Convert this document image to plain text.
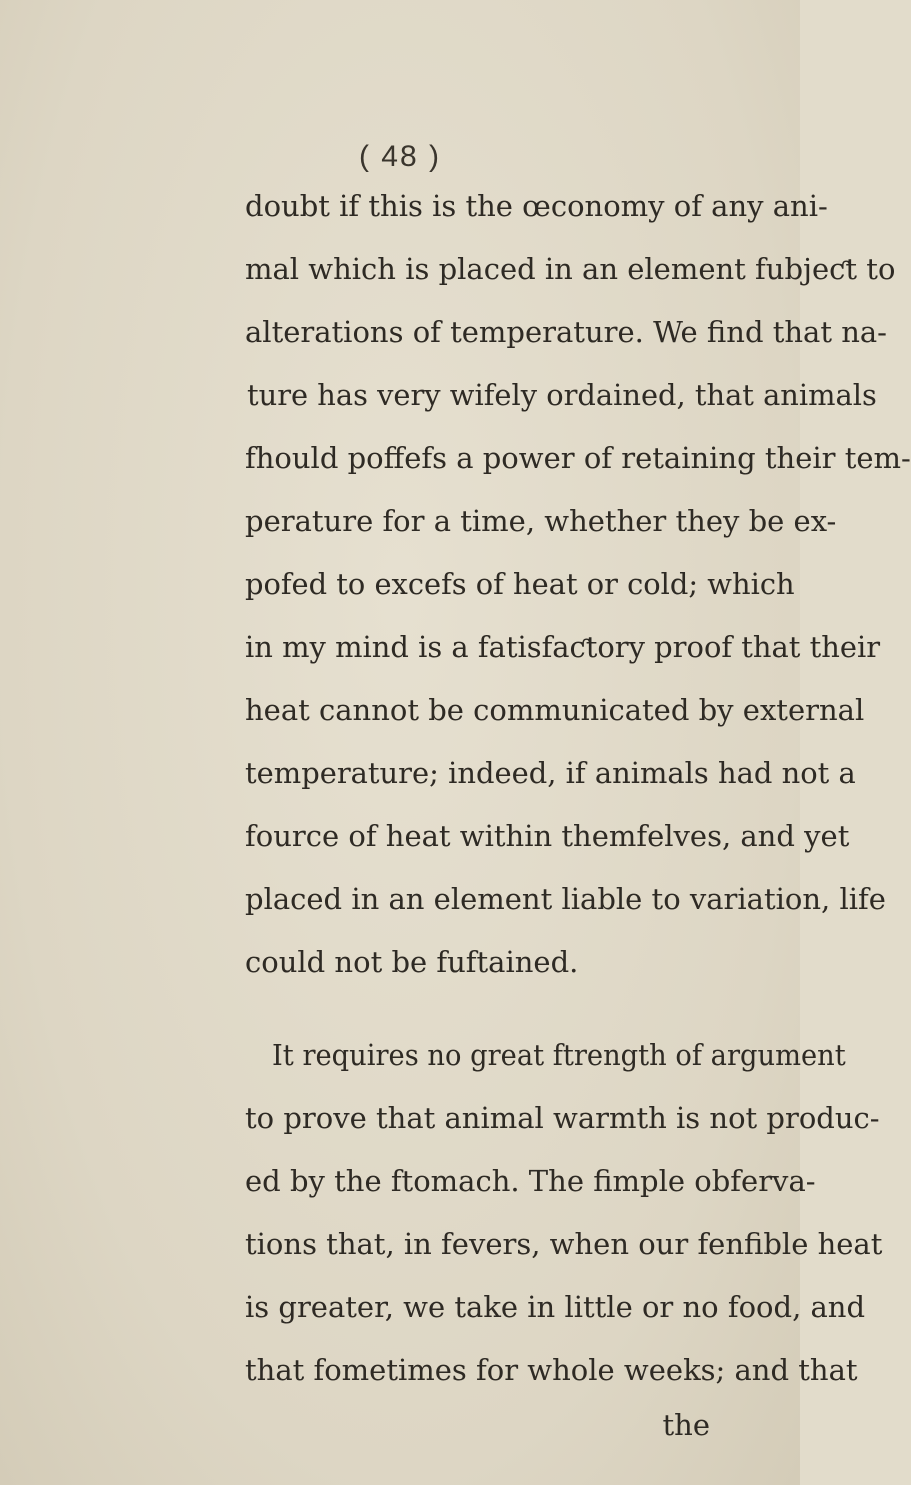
( 48 )
doubt if this is the œconomy of any ani-
mal which is placed in an element fubjeƈt to
alterations of temperature. We find that na-
ture has very wifely ordained, that animals
fhould poffefs a power of retaining their tem-
perature for a time, whether they be ex-
pofed to excefs of heat or cold; which
in my mind is a fatisfaƈtory proof that their
heat cannot be communicated by external
temperature; indeed, if animals had not a
fource of heat within themfelves, and yet
placed in an element liable to variation, life
could not be fuftained.
It requires no great ftrength of argument
to prove that animal warmth is not produc-
ed by the ftomach. The fimple obferva-
tions that, in fevers, when our fenfible heat
is greater, we take in little or no food, and
that fometimes for whole weeks; and that
the
